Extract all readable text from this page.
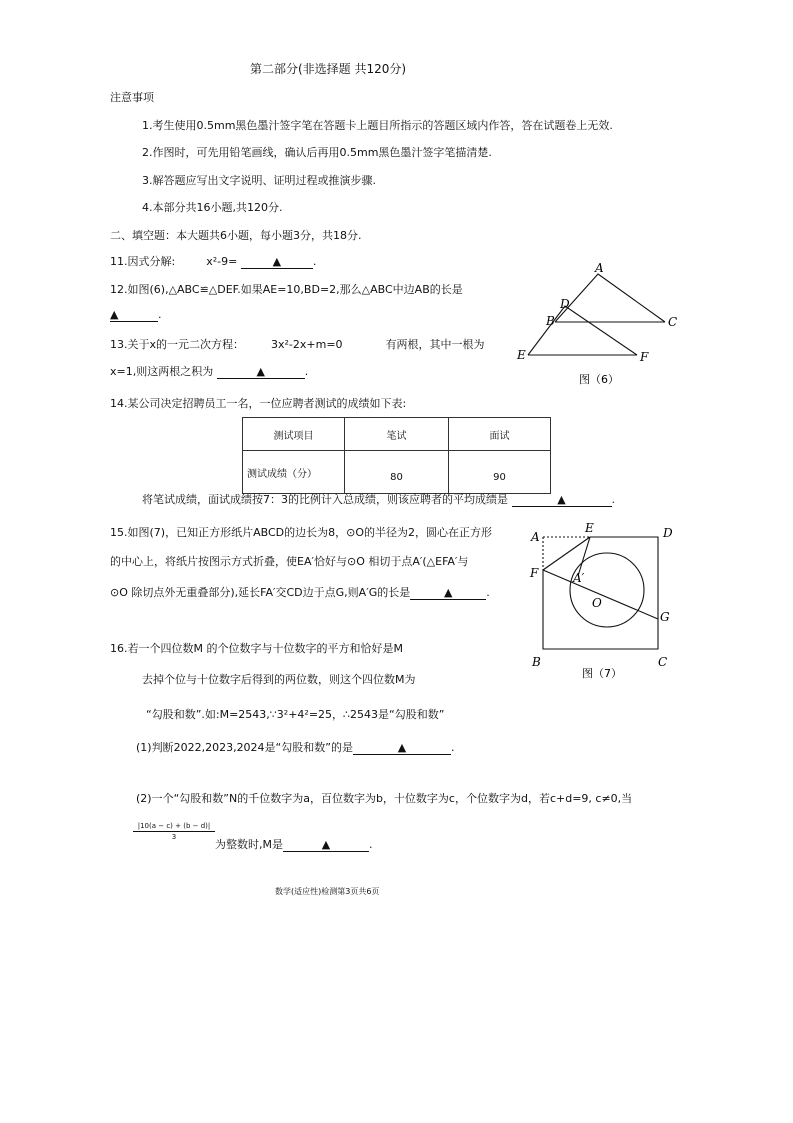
第二部分(非选择题 共120分)
注意事项
1.考生使用0.5mm黑色墨汁签字笔在答题卡上题目所指示的答题区域内作答，答在试题卷上无效.
2.作图时，可先用铅笔画线，确认后再用0.5mm黑色墨汁签字笔描清楚.
3.解答题应写出文字说明、证明过程或推演步骤.
4.本部分共16小题,共120分.
二、填空题：本大题共6小题，每小题3分，共18分.
11.因式分解:	x²-9=	▲	.
12.如图(6),△ABC≌△DEF.如果AE=10,BD=2,那么△ABC中边AB的长是
▲	.
13.关于x的一元二次方程： 3x²-2x+m=0	有两根，其中一根为
x=1,则这两根之积为	▲	.
14.某公司决定招聘员工一名，一位应聘者测试的成绩如下表:
测试项目	笔试	面试
测试成绩（分）	80	90
将笔试成绩，面试成绩按7：3的比例计入总成绩，则该应聘者的平均成绩是	▲	.
15.如图(7)，已知正方形纸片ABCD的边长为8，⊙O的半径为2，圆心在正方形
的中心上，将纸片按图示方式折叠，使EA′恰好与⊙O 相切于点A′(△EFA′与
⊙O 除切点外无重叠部分),延长FA′交CD边于点G,则A′G的长是	▲	.
16.若一个四位数M 的个位数字与十位数字的平方和恰好是M
去掉个位与十位数字后得到的两位数，则这个四位数M为
“勾股和数”.如:M=2543,∵3²+4²=25，∴2543是“勾股和数”
(1)判断2022,2023,2024是“勾股和数”的是	▲	.
(2)一个“勾股和数”N的千位数字为a，百位数字为b，十位数字为c，个位数字为d，若c+d=9, c≠0,当
$\frac{|10(a - c) + (b - d)|}{3}$
为整数时,M是	▲	.
A
D
B	C
E	F
图（6）
A
E	D
F	A′
O
G
B	C
图（7）
数学(适应性)检测第3页共6页
